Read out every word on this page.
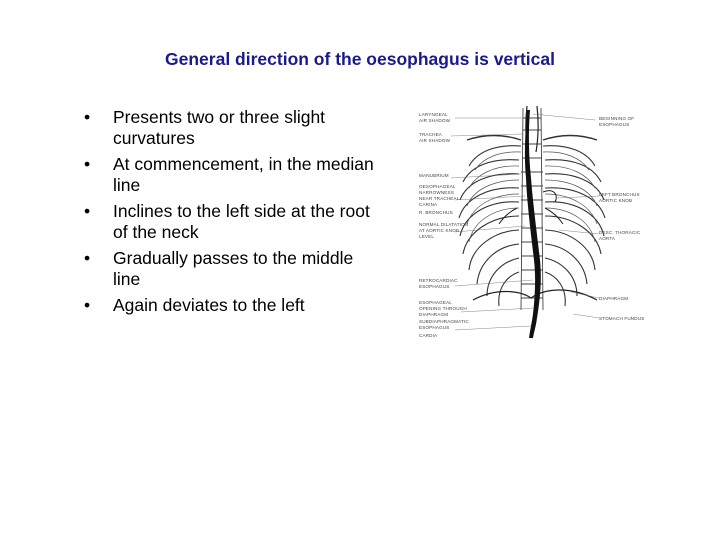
General direction of the oesophagus is vertical
• Presents two or three slight curvatures
• At commencement, in the median line
• Inclines to the left side at the root of the neck
• Gradually passes to the middle line
• Again deviates to the left
LARYNGEAL
AIR SHADOW
TRACHEA
AIR SHADOW
MANUBRIUM
OESOPHAGEAL
NARROWNESS
NEAR TRACHEAL
CARINA
R. BRONCHUS
NORMAL DILATATION
AT AORTIC KNOB
LEVEL
RETROCARDIAC
ESOPHAGUS
ESOPHAGEAL
OPENING THROUGH
DIAPHRAGM
SUBDIAPHRAGMATIC
ESOPHAGUS
CARDIA
BEGINNING OF
ESOPHAGUS
LEFT BRONCHUS
AORTIC KNOB
DESC. THORACIC
AORTA
DIAPHRAGM
STOMACH FUNDUS
